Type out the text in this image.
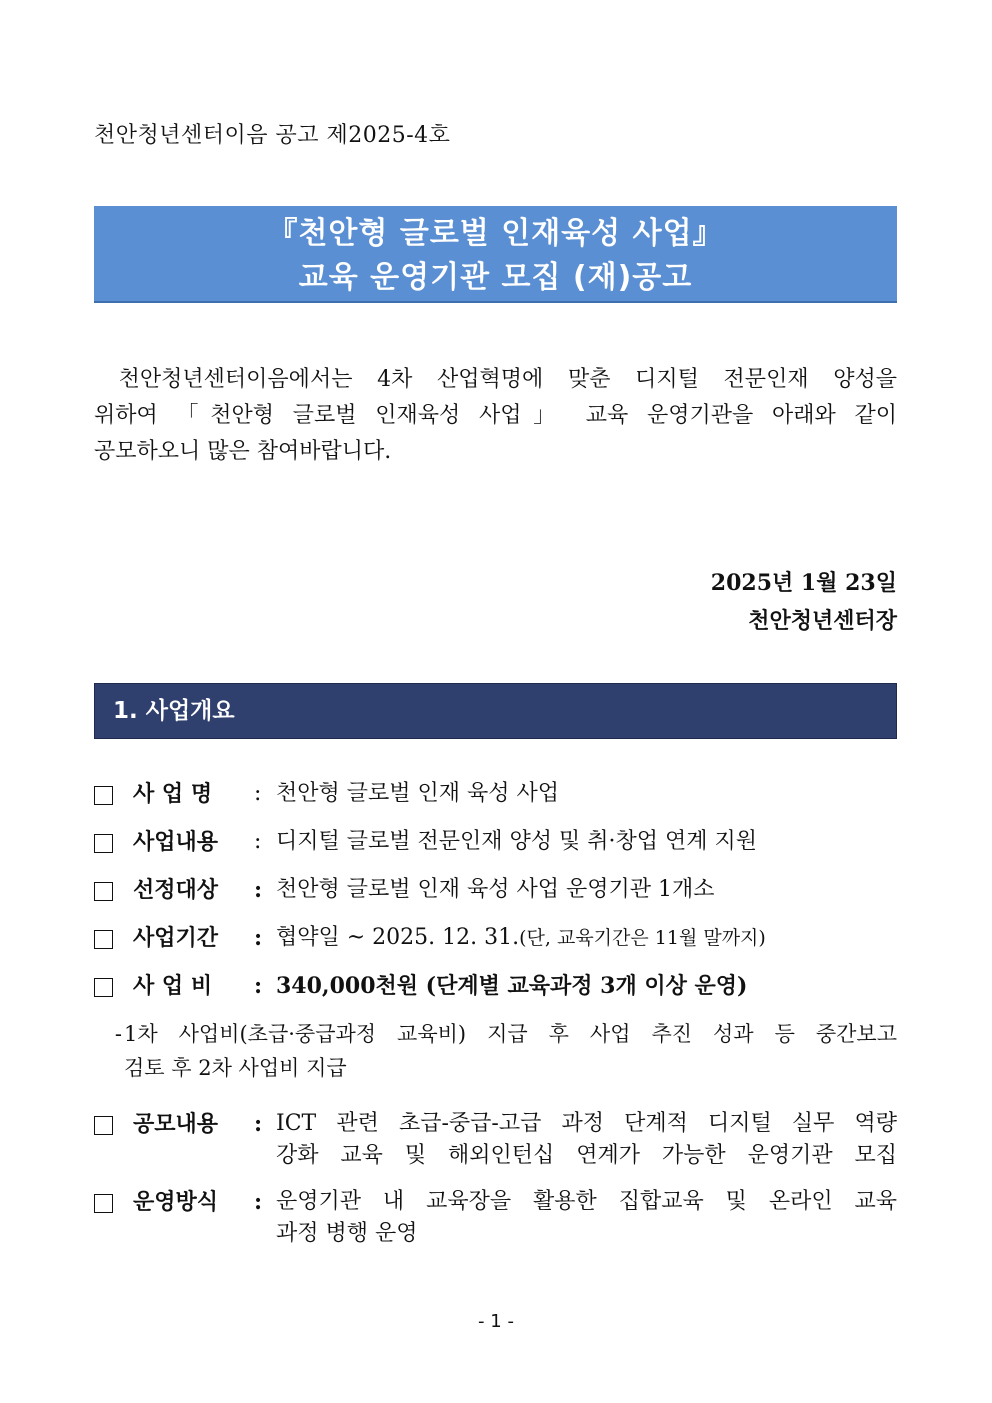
천안청년센터이음 공고 제2025-4호
『천안형 글로벌 인재육성 사업』
교육 운영기관 모집 (재)공고
천안청년센터이음에서는 4차 산업혁명에 맞춘 디지털 전문인재 양성을
위하여 「천안형 글로벌 인재육성 사업」 교육 운영기관을 아래와 같이
공모하오니 많은 참여바랍니다.
2025년 1월 23일
천안청년센터장
1. 사업개요
사 업 명	: 천안형 글로벌 인재 육성 사업
사업내용	: 디지털 글로벌 전문인재 양성 및 취·창업 연계 지원
선정대상	: 천안형 글로벌 인재 육성 사업 운영기관 1개소
사업기간	: 협약일 ~ 2025. 12. 31.(단, 교육기간은 11월 말까지)
사 업 비	: 340,000천원 (단계별 교육과정 3개 이상 운영)
- 1차 사업비(초급·중급과정 교육비) 지급 후 사업 추진 성과 등 중간보고
검토 후 2차 사업비 지급
공모내용	: ICT 관련 초급-중급-고급 과정 단계적 디지털 실무 역량
강화 교육 및 해외인턴십 연계가 가능한 운영기관 모집
운영방식	: 운영기관 내 교육장을 활용한 집합교육 및 온라인 교육
과정 병행 운영
- 1 -
